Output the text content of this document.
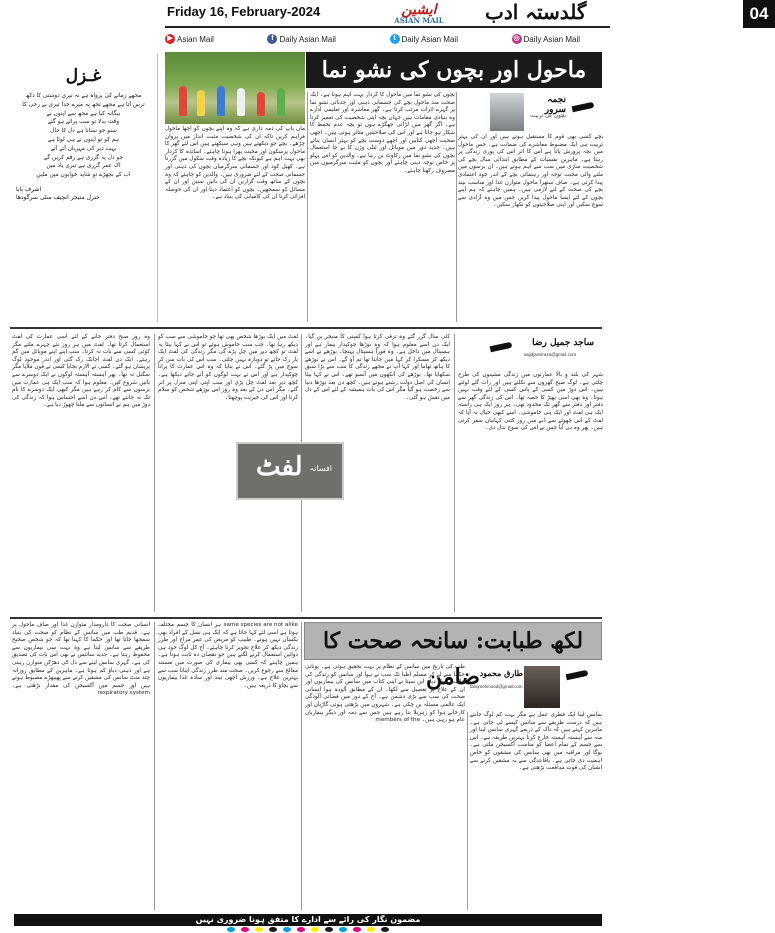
Friday 16, February-2024	ایشین
ASIAN MAIL گلدستہ ادب	04
▶ Asian Mail	f Daily Asian Mail	t Daily Asian Mail	◎ Daily Asian Mail
غـزل
مجھے زمانے کی پرواہ ہے نہ تیری دوستی کا دکھ
ترس آتا ہے مجھے تجھ پہ میرے خدا تیری بے رخی کا
بیگانہ کیا ہے مجھ سے اپنوں نے
وقت بدلا تو سب پرائے ہو گئے
سنو جو سنانا ہے دل کا حال
ہم کو تو اپنوں نے ہی لوٹا ہے
بہت دیر کی مہرباں آتے آتے
جو دل پہ گزری ہے رقم کریں گے
اک عمر گزری ہے تیری یاد میں
اب کے بچھڑے تو شاید خوابوں میں ملیں
اشرف بابا
جنرل منیجر انچیف سٹی سرگودھا
ماحول اور بچوں کی نشو نما
نجمہ سرور
بچوں کی تربیت
ماں باپ کی ذمہ داری ہے کہ وہ اپنے بچوں کو اچھا ماحول فراہم کریں تاکہ ان کی شخصیت مثبت انداز میں پروان چڑھے۔ بچے جو دیکھتے ہیں وہی سیکھتے ہیں اس لئے گھر کا ماحول پرسکون اور محبت بھرا ہونا چاہئے۔ اساتذہ کا کردار بھی بہت اہم ہے کیونکہ بچے کا زیادہ وقت سکول میں گزرتا ہے۔ کھیل کود اور جسمانی سرگرمیاں بچوں کی ذہنی اور جسمانی صحت کے لئے ضروری ہیں۔ والدین کو چاہئے کہ وہ بچوں کے ساتھ وقت گزاریں ان کی باتیں سنیں اور ان کے مسائل کو سمجھیں۔ بچوں کو اعتماد دینا اور ان کی حوصلہ افزائی کرنا ان کی کامیابی کی بنیاد ہے۔
بچوں کی نشو نما میں ماحول کا کردار بہت اہم ہوتا ہے۔ ایک صحت مند ماحول بچے کی جسمانی ذہنی اور جذباتی نشو نما پر گہرے اثرات مرتب کرتا ہے۔ گھر معاشرہ اور تعلیمی ادارے وہ بنیادی مقامات ہیں جہاں بچہ اپنی شخصیت کی تعمیر کرتا ہے۔ اگر گھر میں لڑائی جھگڑے ہوں تو بچہ عدم تحفظ کا شکار ہو جاتا ہے اور اس کی صلاحیتیں متاثر ہوتی ہیں۔ اچھی صحبت اچھی کتابیں اور اچھے دوست بچے کو بہتر انسان بناتے ہیں۔ جدید دور میں موبائل اور ٹیلی وژن کا بے جا استعمال بچوں کی نشو نما میں رکاوٹ بن رہا ہے۔ والدین کو اس پہلو پر خاص توجہ دینی چاہئے اور بچوں کو مثبت سرگرمیوں میں مصروف رکھنا چاہئے۔
بچے کسی بھی قوم کا مستقبل ہوتے ہیں اور ان کی بہتر تربیت ہی ایک مضبوط معاشرے کی ضمانت ہے۔ جس ماحول میں بچہ پرورش پاتا ہے اس کا اثر اس کی پوری زندگی پر رہتا ہے۔ ماہرین نفسیات کے مطابق ابتدائی سال بچے کی شخصیت سازی میں سب سے اہم ہوتے ہیں۔ ان برسوں میں ملنے والی محبت توجہ اور رہنمائی بچے کے اندر خود اعتمادی پیدا کرتی ہے۔ صاف ستھرا ماحول متوازن غذا اور مناسب نیند بچے کی صحت کے لئے لازمی ہیں۔ ہمیں چاہئے کہ ہم اپنے بچوں کے لئے ایسا ماحول پیدا کریں جس میں وہ آزادی سے سوچ سکیں اور اپنی صلاحیتوں کو نکھار سکیں۔
ساجد جمیل رضا
sajidjamilraza@gmail.com
وہ روز صبح دفتر جانے کے لئے اسی عمارت کی لفٹ استعمال کرتا تھا۔ لفٹ میں ہر روز نئے چہرے ملتے مگر کوئی کسی سے بات نہ کرتا۔ سب اپنے اپنے موبائل میں گم رہتے۔ ایک دن لفٹ اچانک رک گئی اور اندر موجود لوگ پریشان ہو گئے۔ کسی نے الارم بجایا کسی نے فون ملایا مگر سگنل نہ تھا۔ پھر آہستہ آہستہ لوگوں نے ایک دوسرے سے باتیں شروع کیں۔ معلوم ہوا کہ سب ایک ہی عمارت میں برسوں سے کام کر رہے ہیں مگر کبھی ایک دوسرے کا نام تک نہ جانتے تھے۔ اس دن اسے احساس ہوا کہ زندگی کی دوڑ میں ہم نے انسانوں سے ملنا چھوڑ دیا ہے۔
لفٹ میں ایک بوڑھا شخص بھی تھا جو خاموشی سے سب کو دیکھ رہا تھا۔ جب سب خاموش ہوئے تو اس نے کہا بیٹا یہ لفٹ تو کچھ دیر میں چل پڑے گی مگر زندگی کی لفٹ ایک بار رک جائے تو دوبارہ نہیں چلتی۔ سب اس کی بات سن کر سوچ میں پڑ گئے۔ اس نے بتایا کہ وہ اس عمارت کا پرانا چوکیدار ہے اور اس نے بہت لوگوں کو آتے جاتے دیکھا ہے۔ کچھ دیر بعد لفٹ چل پڑی اور سب اپنی اپنی منزل پر اتر گئے۔ مگر اس دن کے بعد وہ روز اس بوڑھے شخص کو سلام کرتا اور اس کی خیریت پوچھتا۔
کئی سال گزر گئے وہ ترقی کرتا ہوا کمپنی کا منیجر بن گیا۔ ایک دن اسے معلوم ہوا کہ وہ بوڑھا چوکیدار بیمار ہے اور ہسپتال میں داخل ہے۔ وہ فوراً ہسپتال پہنچا۔ بوڑھے نے اسے دیکھ کر مسکرا کر کہا میں جانتا تھا تم آؤ گے۔ اس نے بوڑھے کا ہاتھ تھاما اور کہا آپ نے مجھے زندگی کا سب سے بڑا سبق سکھایا تھا۔ بوڑھے کی آنکھوں میں آنسو تھے۔ اس نے کہا بیٹا انسان کی اصل دولت رشتے ہوتے ہیں۔ کچھ دن بعد بوڑھا دنیا سے رخصت ہو گیا مگر اس کی بات ہمیشہ کے لئے اس کے دل میں نقش ہو گئی۔
شہر کی بلند و بالا عمارتوں میں زندگی مشینوں کی طرح چلتی ہے۔ لوگ صبح گھروں سے نکلتے ہیں اور رات گئے لوٹتے ہیں۔ اس دوڑ میں کسی کے پاس کسی کے لئے وقت نہیں ہوتا۔ وہ بھی اسی بھیڑ کا حصہ تھا۔ اس کی زندگی گھر سے دفتر اور دفتر سے گھر تک محدود تھی۔ ہر روز ایک ہی راستہ ایک ہی لفٹ اور ایک ہی خاموشی۔ اسے کبھی خیال نہ آیا کہ لفٹ کے اس چھوٹے سے ڈبے میں روز کتنی کہانیاں سفر کرتی ہیں۔ پھر وہ دن آیا جس نے اس کی سوچ بدل دی۔
افسانہ
لفٹ
لکھ طبابت: سانحہ صحت کا ضامن طارق محمود
tariqmehmood@gmail.com
انسانی صحت کا دارومدار متوازن غذا اور صاف ماحول پر ہے۔ قدیم طب میں سانس کے نظام کو صحت کی بنیاد سمجھا جاتا تھا اور حکما کا کہنا تھا کہ جو شخص صحیح طریقے سے سانس لیتا ہے وہ بہت سی بیماریوں سے محفوظ رہتا ہے۔ جدید سائنس نے بھی اس بات کی تصدیق کی ہے۔ گہری سانس لینے سے دل کی دھڑکن متوازن رہتی ہے اور ذہنی دباؤ کم ہوتا ہے۔ ماہرین کے مطابق روزانہ چند منٹ سانس کی مشقیں کرنے سے پھیپھڑے مضبوط ہوتے ہیں اور جسم میں آکسیجن کی مقدار بڑھتی ہے۔ respiratory system
same species are not alike ہر انسان کا جسم مختلف ہوتا ہے اسی لئے کہا جاتا ہے کہ ایک ہی نسل کے افراد بھی یکساں نہیں ہوتے۔ طبیب کو مریض کی عمر مزاج اور طرز زندگی دیکھ کر علاج تجویز کرنا چاہئے۔ آج کل لوگ خود ہی دوائیں استعمال کرنے لگتے ہیں جو نقصان دہ ثابت ہوتا ہے۔ ہمیں چاہئے کہ کسی بھی بیماری کی صورت میں مستند معالج سے رجوع کریں۔ صحت مند طرز زندگی اپنانا سب سے بہترین علاج ہے۔ ورزش اچھی نیند اور سادہ غذا بیماریوں سے بچاؤ کا ذریعہ ہیں۔
طب کی تاریخ میں سانس کے نظام پر بہت تحقیق ہوئی ہے۔ یونانی حکما سے لے کر مسلم اطبا تک سب نے ہوا اور سانس کو زندگی کی علامت قرار دیا۔ ابن سینا نے اپنی کتاب میں سانس کی بیماریوں اور ان کے علاج پر تفصیل سے لکھا۔ ان کے مطابق آلودہ ہوا انسانی صحت کی سب سے بڑی دشمن ہے۔ آج کے دور میں فضائی آلودگی ایک عالمی مسئلہ بن چکی ہے۔ شہروں میں بڑھتی ہوئی گاڑیاں اور کارخانے ہوا کو زہریلا بنا رہے ہیں جس سے دمہ اور دیگر بیماریاں عام ہو رہی ہیں۔ members of the
سانس لینا ایک فطری عمل ہے مگر بہت کم لوگ جانتے ہیں کہ درست طریقے سے سانس کیسے لی جاتی ہے۔ ماہرین کہتے ہیں کہ ناک کے ذریعے گہری سانس لینا اور منہ سے آہستہ آہستہ خارج کرنا بہترین طریقہ ہے۔ اس سے جسم کے تمام اعضا کو مناسب آکسیجن ملتی ہے۔ یوگا اور مراقبہ میں بھی سانس کی مشقوں کو خاص اہمیت دی جاتی ہے۔ باقاعدگی سے یہ مشقیں کرنے سے انسان کی قوت مدافعت بڑھتی ہے۔
مضمون نگار کی رائے سے ادارے کا متفق ہونا ضروری نہیں
